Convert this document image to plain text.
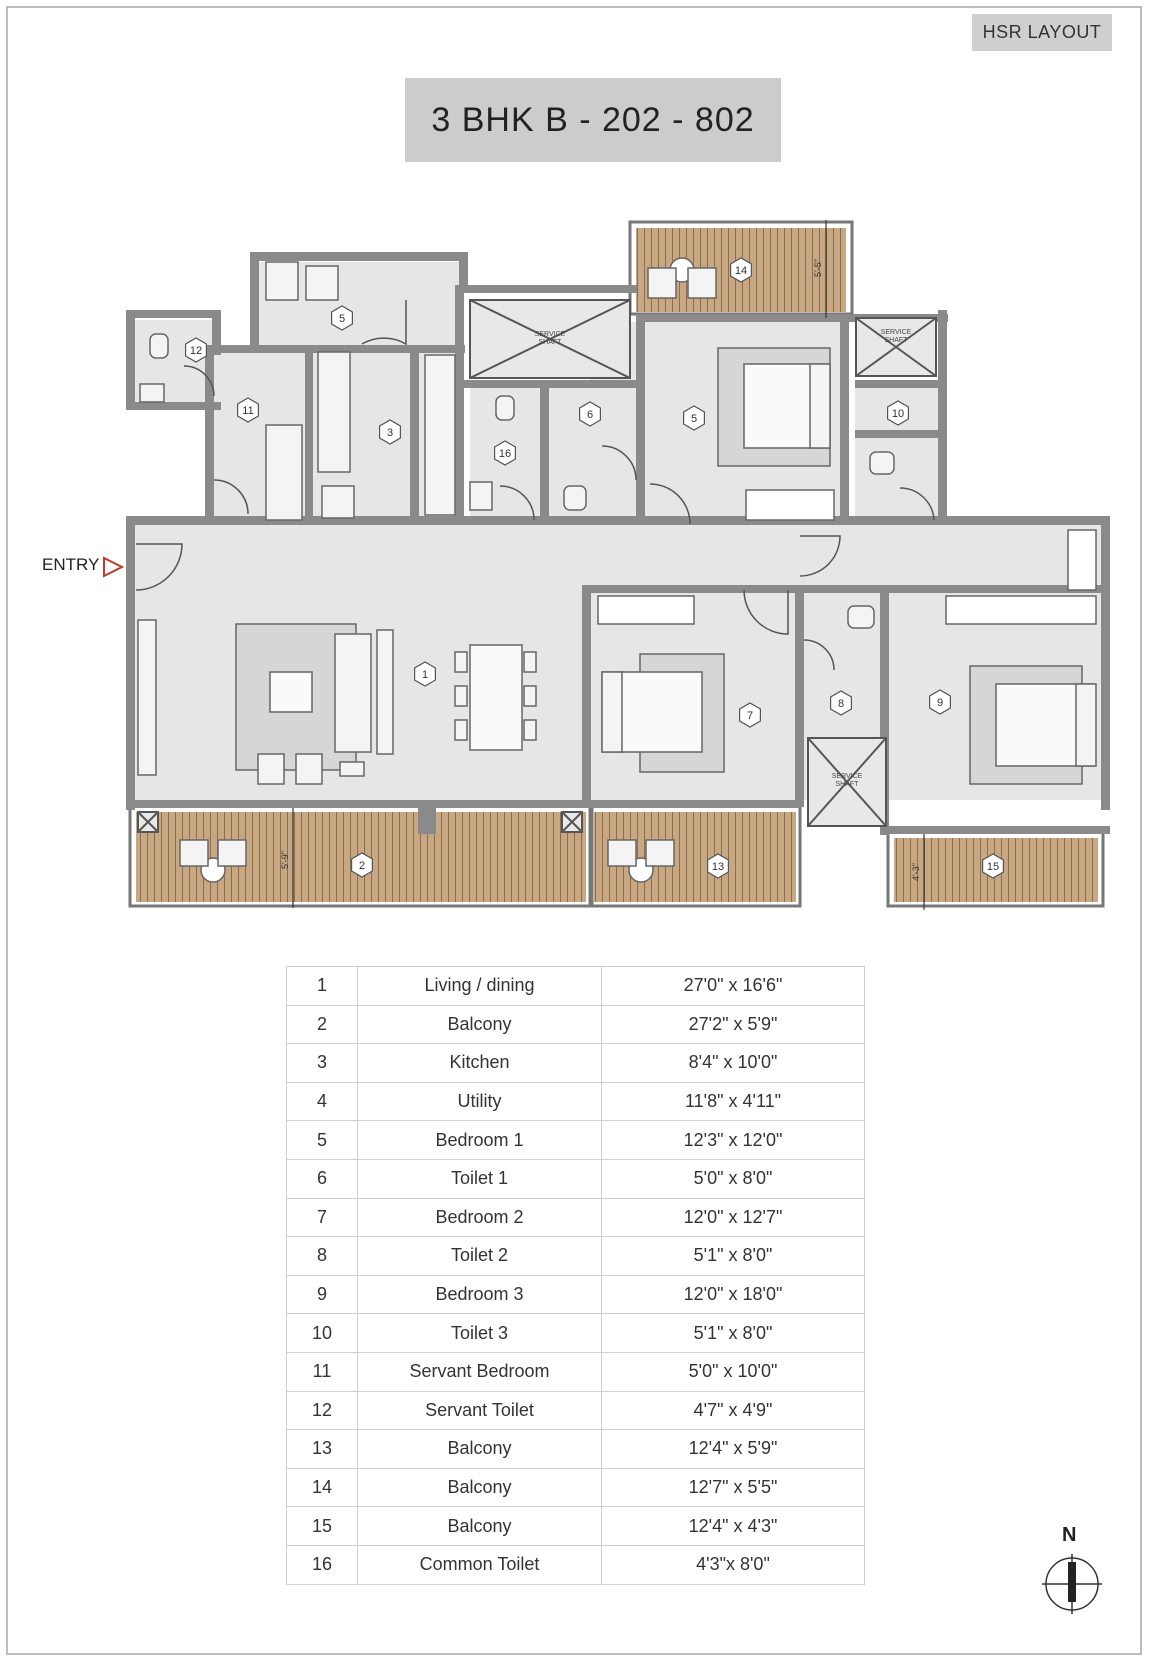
HSR LAYOUT
3 BHK B - 202 - 802
SERVICE
SHAFT
SERVICE
SHAFT
SERVICE
SHAFT
5'-9"
5'-5"
4'-3"
1
2
3
5
5
6
7
8	9
10
11
12
13
14
15
16
ENTRY
1	Living / dining	27'0" x 16'6"
2	Balcony	27'2" x 5'9"
3	Kitchen	8'4" x 10'0"
4	Utility	11'8" x 4'11"
5	Bedroom 1	12'3" x 12'0"
6	Toilet 1	5'0" x 8'0"
7	Bedroom 2	12'0" x 12'7"
8	Toilet 2	5'1" x 8'0"
9	Bedroom 3	12'0" x 18'0"
10	Toilet 3	5'1" x 8'0"
11	Servant Bedroom	5'0" x 10'0"
12	Servant Toilet	4'7" x 4'9"
13	Balcony	12'4" x 5'9"
14	Balcony	12'7" x 5'5"
15	Balcony	12'4" x 4'3"
16	Common Toilet	4'3"x 8'0"
N
